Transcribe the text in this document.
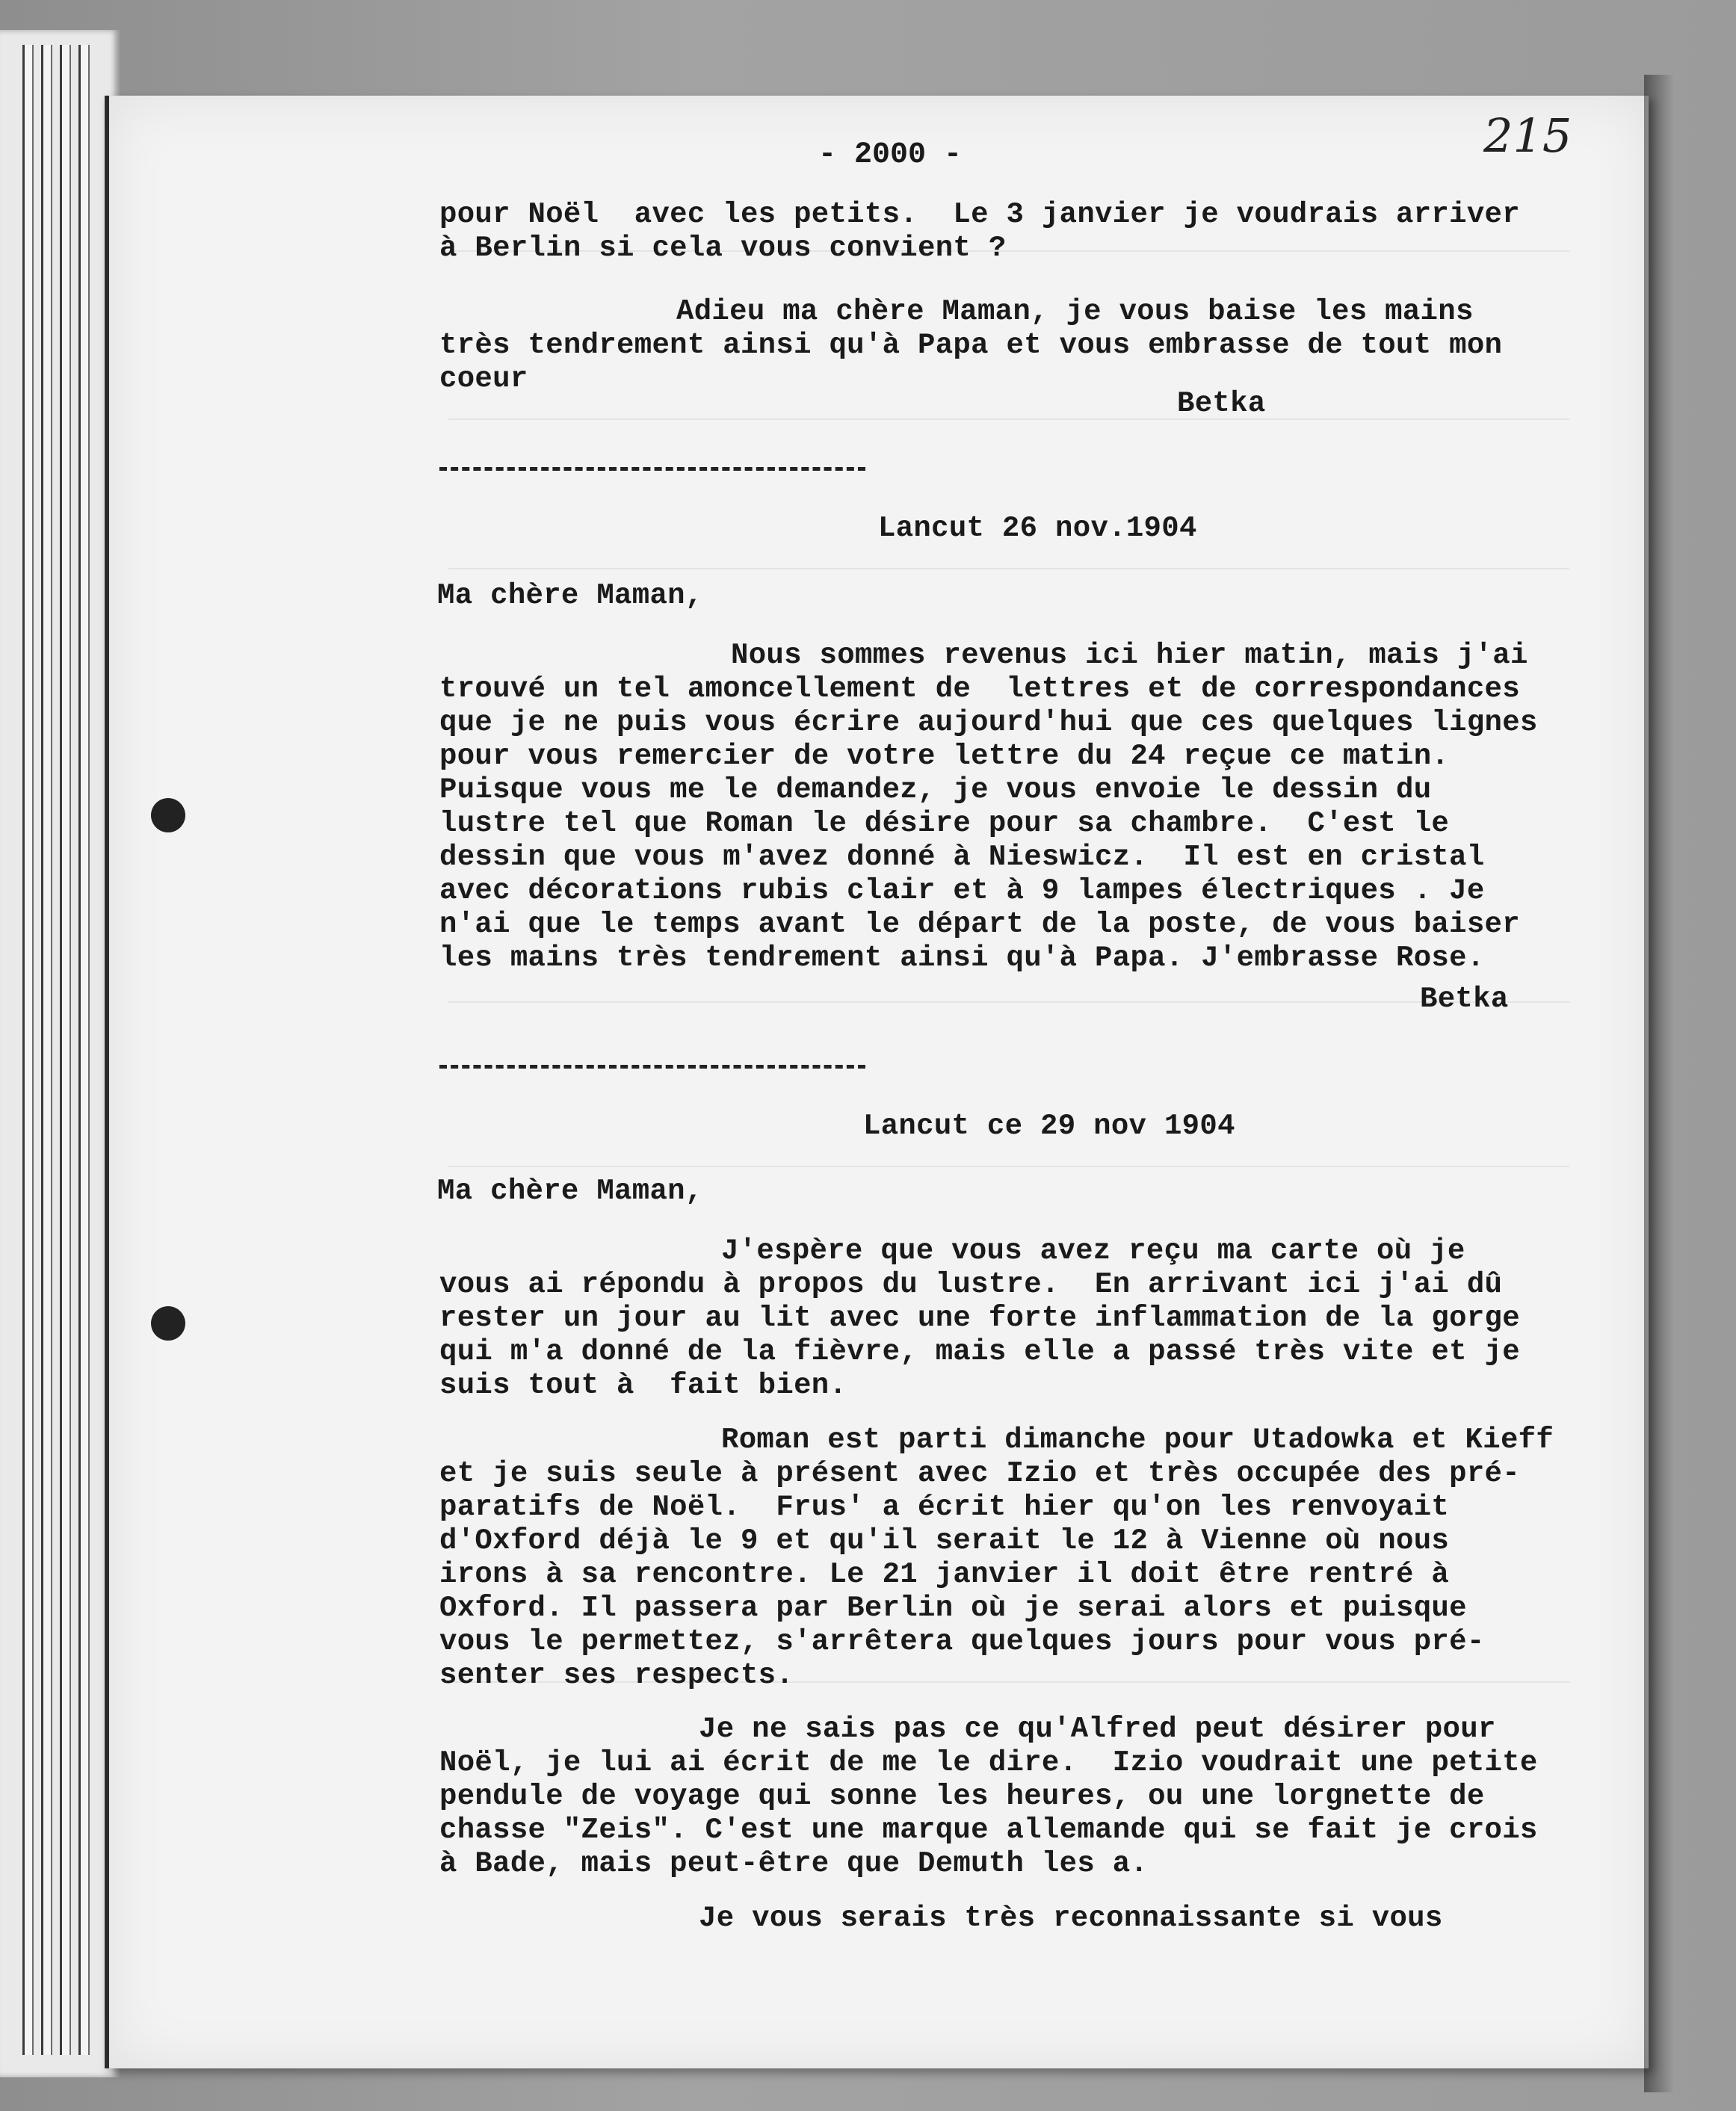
- 2000 -	215
pour Noël  avec les petits.  Le 3 janvier je voudrais arriver
à Berlin si cela vous convient ?
Adieu ma chère Maman, je vous baise les mains
très tendrement ainsi qu'à Papa et vous embrasse de tout mon
coeur
Betka
Lancut 26 nov.1904
Ma chère Maman,
Nous sommes revenus ici hier matin, mais j'ai
trouvé un tel amoncellement de  lettres et de correspondances
que je ne puis vous écrire aujourd'hui que ces quelques lignes
pour vous remercier de votre lettre du 24 reçue ce matin.
Puisque vous me le demandez, je vous envoie le dessin du
lustre tel que Roman le désire pour sa chambre.  C'est le
dessin que vous m'avez donné à Nieswicz.  Il est en cristal
avec décorations rubis clair et à 9 lampes électriques . Je
n'ai que le temps avant le départ de la poste, de vous baiser
les mains très tendrement ainsi qu'à Papa. J'embrasse Rose.
Betka
Lancut ce 29 nov 1904
Ma chère Maman,
J'espère que vous avez reçu ma carte où je
vous ai répondu à propos du lustre.  En arrivant ici j'ai dû
rester un jour au lit avec une forte inflammation de la gorge
qui m'a donné de la fièvre, mais elle a passé très vite et je
suis tout à  fait bien.
Roman est parti dimanche pour Utadowka et Kieff
et je suis seule à présent avec Izio et très occupée des pré-
paratifs de Noël.  Frus' a écrit hier qu'on les renvoyait
d'Oxford déjà le 9 et qu'il serait le 12 à Vienne où nous
irons à sa rencontre. Le 21 janvier il doit être rentré à
Oxford. Il passera par Berlin où je serai alors et puisque
vous le permettez, s'arrêtera quelques jours pour vous pré-
senter ses respects.
Je ne sais pas ce qu'Alfred peut désirer pour
Noël, je lui ai écrit de me le dire.  Izio voudrait une petite
pendule de voyage qui sonne les heures, ou une lorgnette de
chasse "Zeis". C'est une marque allemande qui se fait je crois
à Bade, mais peut-être que Demuth les a.
Je vous serais très reconnaissante si vous
